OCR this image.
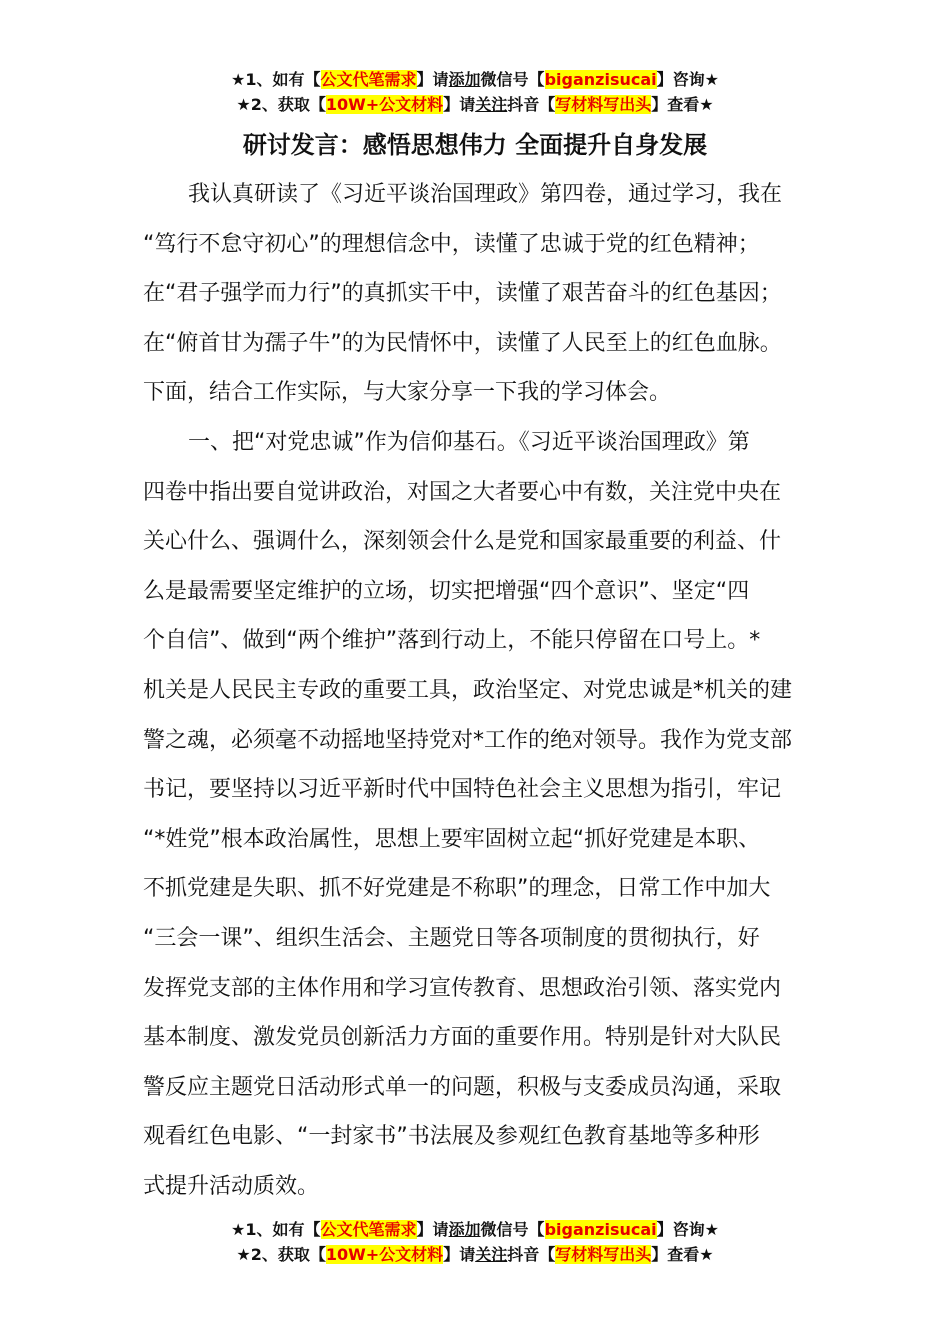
★1、如有【公文代笔需求】请添加微信号【biganzisucai】咨询★
★2、获取【10W+公文材料】请关注抖音【写材料写出头】查看★
研讨发言：感悟思想伟力 全面提升自身发展
我认真研读了《习近平谈治国理政》第四卷，通过学习，我在
“笃行不怠守初心”的理想信念中，读懂了忠诚于党的红色精神；
在“君子强学而力行”的真抓实干中，读懂了艰苦奋斗的红色基因；
在“俯首甘为孺子牛”的为民情怀中，读懂了人民至上的红色血脉。
下面，结合工作实际，与大家分享一下我的学习体会。
一、把“对党忠诚”作为信仰基石。《习近平谈治国理政》第
四卷中指出要自觉讲政治，对国之大者要心中有数，关注党中央在
关心什么、强调什么，深刻领会什么是党和国家最重要的利益、什
么是最需要坚定维护的立场，切实把增强“四个意识”、坚定“四
个自信”、做到“两个维护”落到行动上，不能只停留在口号上。*
机关是人民民主专政的重要工具，政治坚定、对党忠诚是*机关的建
警之魂，必须毫不动摇地坚持党对*工作的绝对领导。我作为党支部
书记，要坚持以习近平新时代中国特色社会主义思想为指引，牢记
“*姓党”根本政治属性，思想上要牢固树立起“抓好党建是本职、
不抓党建是失职、抓不好党建是不称职”的理念，日常工作中加大
“三会一课”、组织生活会、主题党日等各项制度的贯彻执行，好
发挥党支部的主体作用和学习宣传教育、思想政治引领、落实党内
基本制度、激发党员创新活力方面的重要作用。特别是针对大队民
警反应主题党日活动形式单一的问题，积极与支委成员沟通，采取
观看红色电影、“一封家书”书法展及参观红色教育基地等多种形
式提升活动质效。
★1、如有【公文代笔需求】请添加微信号【biganzisucai】咨询★
★2、获取【10W+公文材料】请关注抖音【写材料写出头】查看★
